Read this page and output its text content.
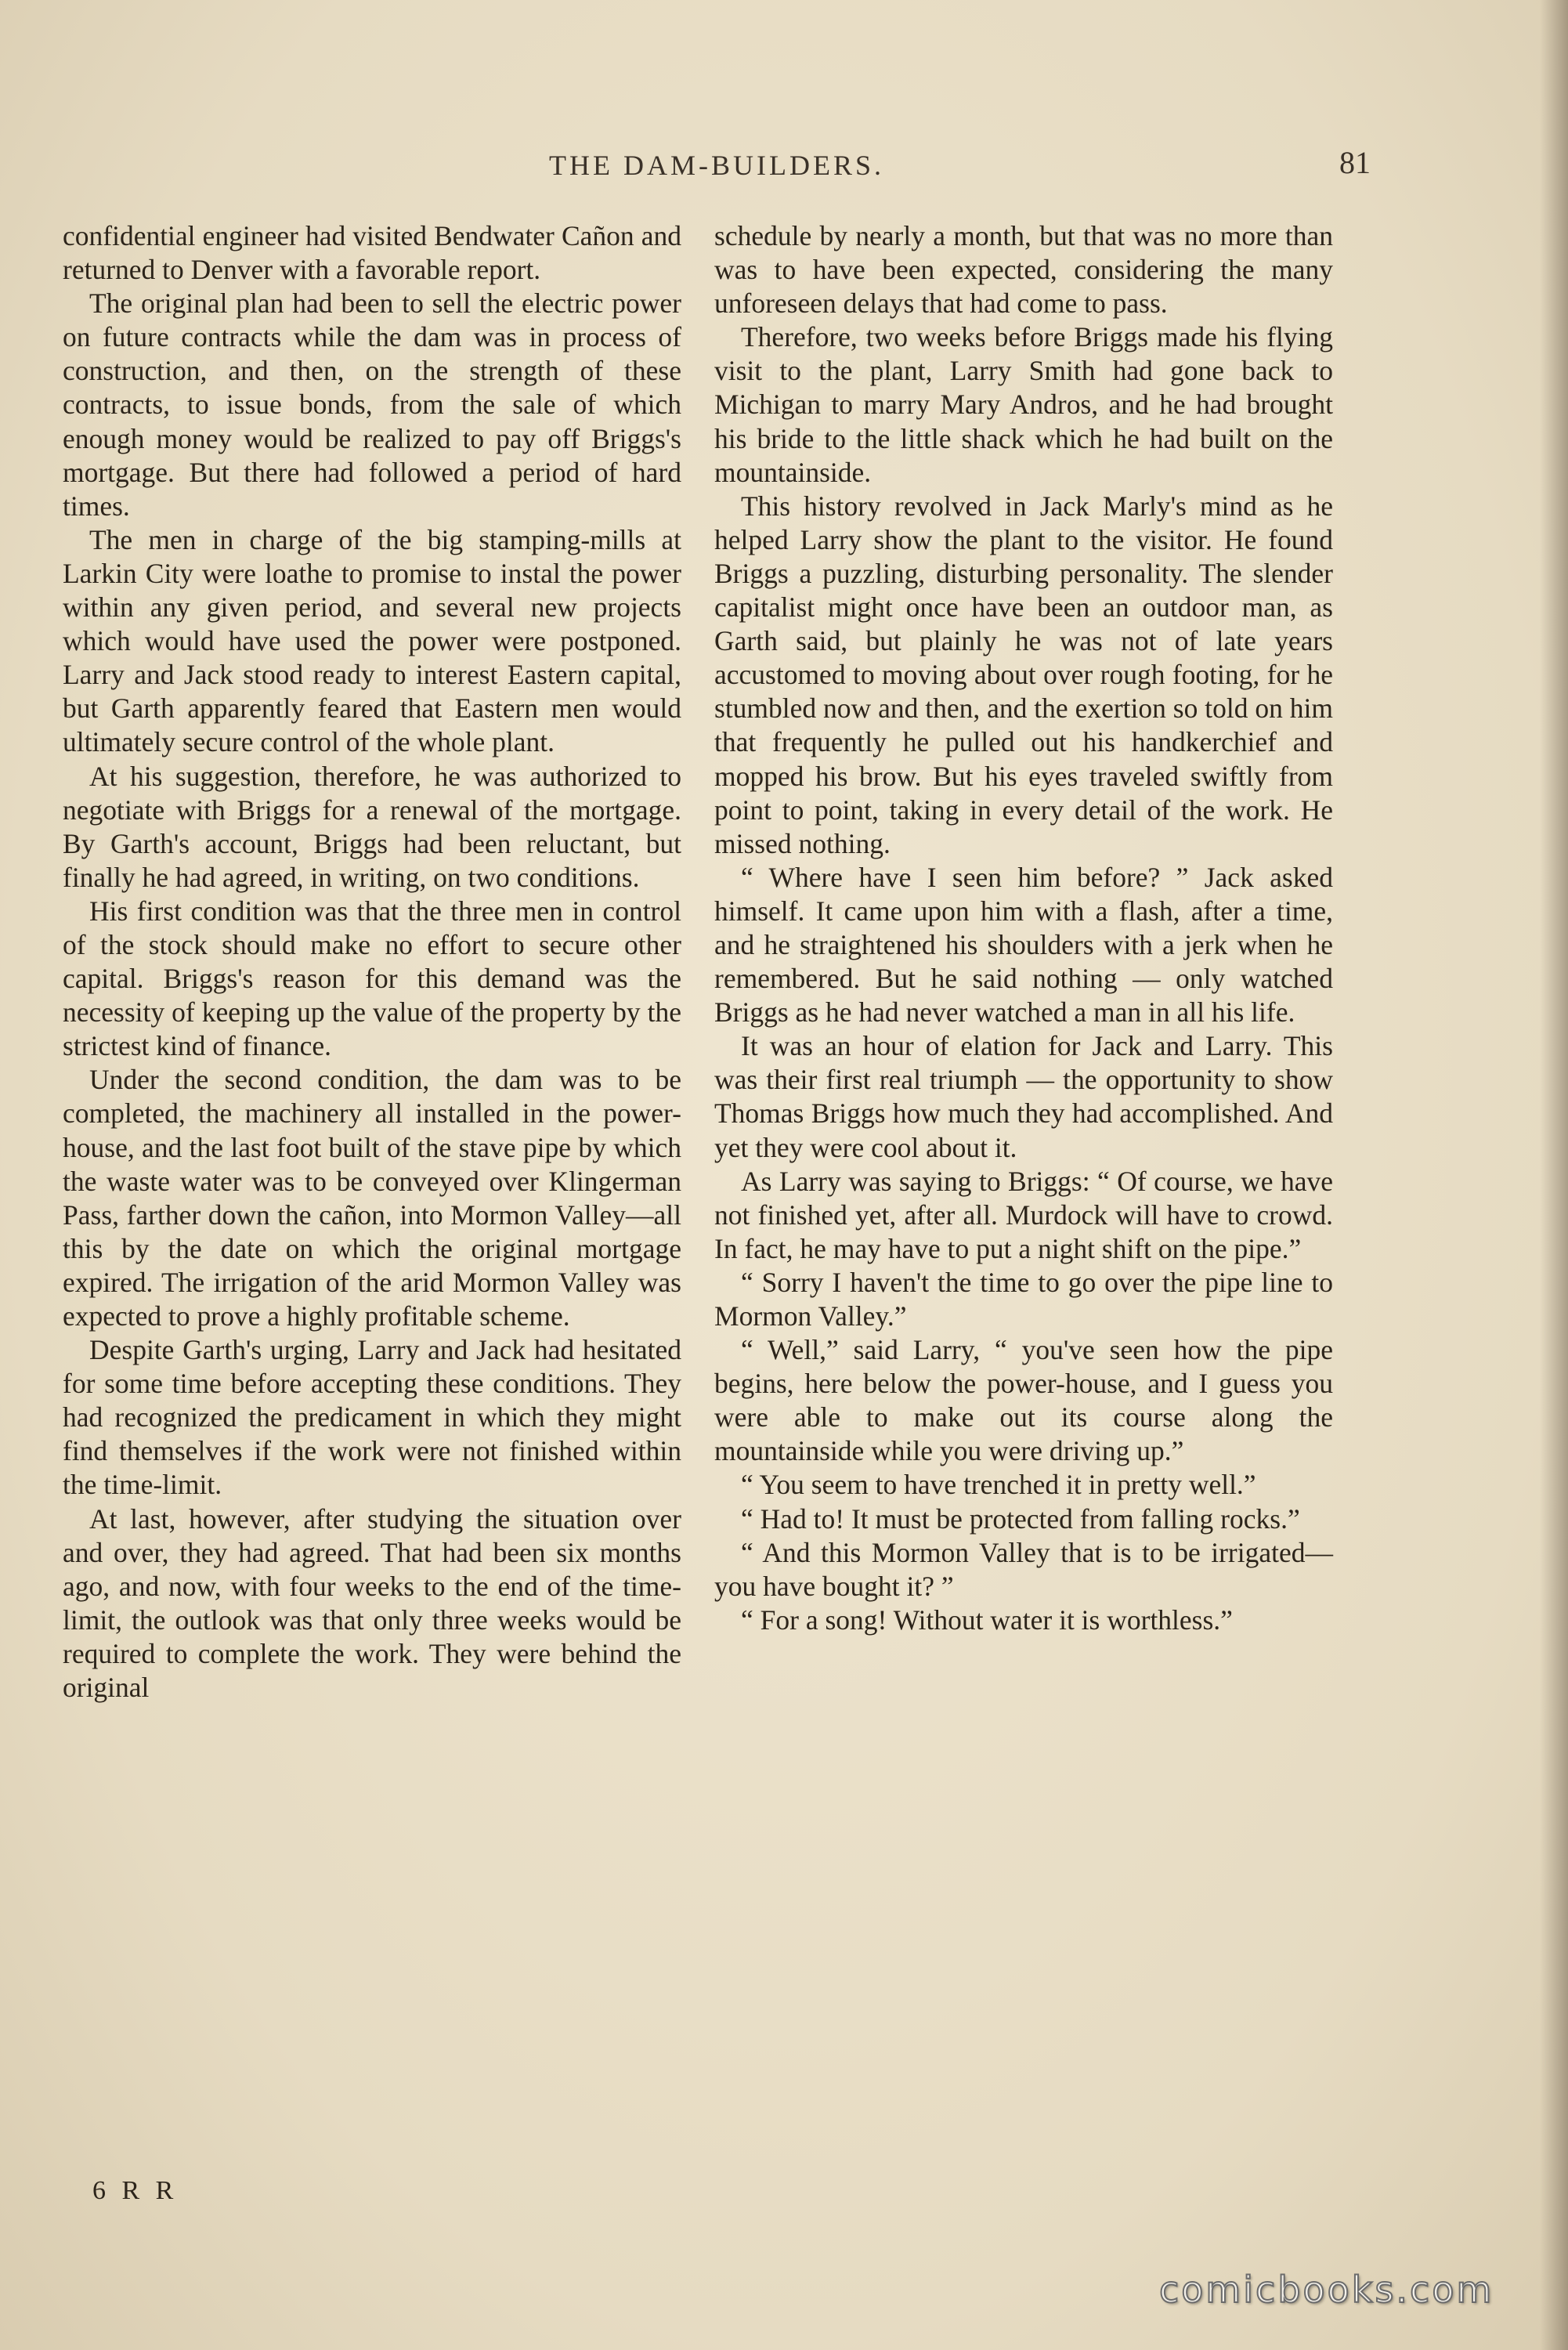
THE DAM-BUILDERS.	81

confidential engineer had visited Bendwater Cañon and returned to Denver with a favorable report.

The original plan had been to sell the electric power on future contracts while the dam was in process of construction, and then, on the strength of these contracts, to issue bonds, from the sale of which enough money would be realized to pay off Briggs's mortgage. But there had followed a period of hard times.

The men in charge of the big stamping-mills at Larkin City were loathe to promise to instal the power within any given period, and several new projects which would have used the power were postponed. Larry and Jack stood ready to interest Eastern capital, but Garth apparently feared that Eastern men would ultimately secure control of the whole plant.

At his suggestion, therefore, he was authorized to negotiate with Briggs for a renewal of the mortgage. By Garth's account, Briggs had been reluctant, but finally he had agreed, in writing, on two conditions.

His first condition was that the three men in control of the stock should make no effort to secure other capital. Briggs's reason for this demand was the necessity of keeping up the value of the property by the strictest kind of finance.

Under the second condition, the dam was to be completed, the machinery all installed in the power-house, and the last foot built of the stave pipe by which the waste water was to be conveyed over Klingerman Pass, farther down the cañon, into Mormon Valley—all this by the date on which the original mortgage expired. The irrigation of the arid Mormon Valley was expected to prove a highly profitable scheme.

Despite Garth's urging, Larry and Jack had hesitated for some time before accepting these conditions. They had recognized the predicament in which they might find themselves if the work were not finished within the time-limit.

At last, however, after studying the situation over and over, they had agreed. That had been six months ago, and now, with four weeks to the end of the time-limit, the outlook was that only three weeks would be required to complete the work. They were behind the original

schedule by nearly a month, but that was no more than was to have been expected, considering the many unforeseen delays that had come to pass.

Therefore, two weeks before Briggs made his flying visit to the plant, Larry Smith had gone back to Michigan to marry Mary Andros, and he had brought his bride to the little shack which he had built on the mountainside.

This history revolved in Jack Marly's mind as he helped Larry show the plant to the visitor. He found Briggs a puzzling, disturbing personality. The slender capitalist might once have been an outdoor man, as Garth said, but plainly he was not of late years accustomed to moving about over rough footing, for he stumbled now and then, and the exertion so told on him that frequently he pulled out his handkerchief and mopped his brow. But his eyes traveled swiftly from point to point, taking in every detail of the work. He missed nothing.

“ Where have I seen him before? ” Jack asked himself. It came upon him with a flash, after a time, and he straightened his shoulders with a jerk when he remembered. But he said nothing — only watched Briggs as he had never watched a man in all his life.

It was an hour of elation for Jack and Larry. This was their first real triumph — the opportunity to show Thomas Briggs how much they had accomplished. And yet they were cool about it.

As Larry was saying to Briggs: “ Of course, we have not finished yet, after all. Murdock will have to crowd. In fact, he may have to put a night shift on the pipe.”

“ Sorry I haven't the time to go over the pipe line to Mormon Valley.”

“ Well,” said Larry, “ you've seen how the pipe begins, here below the power-house, and I guess you were able to make out its course along the mountainside while you were driving up.”

“ You seem to have trenched it in pretty well.”

“ Had to! It must be protected from falling rocks.”

“ And this Mormon Valley that is to be irrigated—you have bought it? ”

“ For a song! Without water it is worthless.”

6 R R
comicbooks.com
